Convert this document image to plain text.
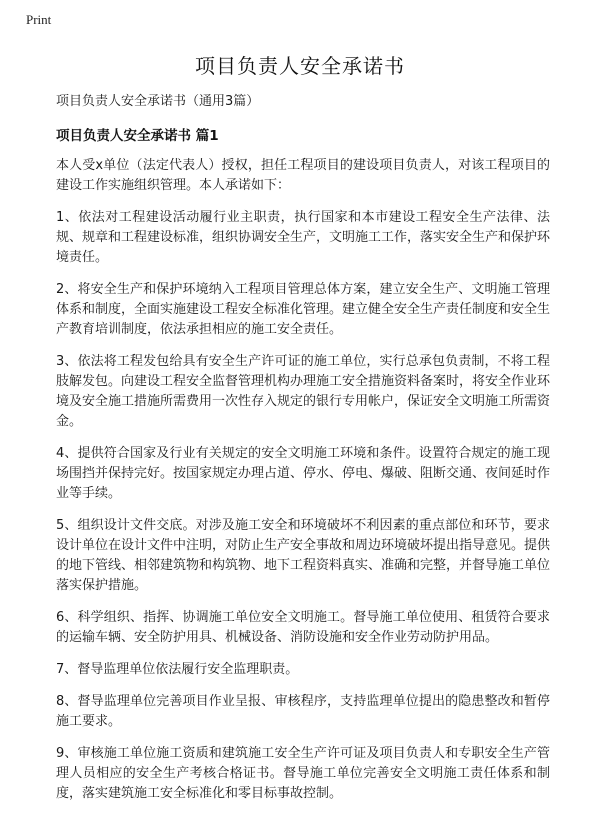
Print
项目负责人安全承诺书

项目负责人安全承诺书（通用3篇）

项目负责人安全承诺书 篇1

本人受x单位（法定代表人）授权，担任工程项目的建设项目负责人，对该工程项目的建设工作实施组织管理。本人承诺如下：

1、依法对工程建设活动履行业主职责，执行国家和本市建设工程安全生产法律、法规、规章和工程建设标准，组织协调安全生产，文明施工工作，落实安全生产和保护环境责任。

2、将安全生产和保护环境纳入工程项目管理总体方案，建立安全生产、文明施工管理体系和制度，全面实施建设工程安全标准化管理。建立健全安全生产责任制度和安全生产教育培训制度，依法承担相应的施工安全责任。

3、依法将工程发包给具有安全生产许可证的施工单位，实行总承包负责制，不将工程肢解发包。向建设工程安全监督管理机构办理施工安全措施资料备案时，将安全作业环境及安全施工措施所需费用一次性存入规定的银行专用帐户，保证安全文明施工所需资金。

4、提供符合国家及行业有关规定的安全文明施工环境和条件。设置符合规定的施工现场围挡并保持完好。按国家规定办理占道、停水、停电、爆破、阻断交通、夜间延时作业等手续。

5、组织设计文件交底。对涉及施工安全和环境破坏不利因素的重点部位和环节，要求设计单位在设计文件中注明，对防止生产安全事故和周边环境破坏提出指导意见。提供的地下管线、相邻建筑物和构筑物、地下工程资料真实、准确和完整，并督导施工单位落实保护措施。

6、科学组织、指挥、协调施工单位安全文明施工。督导施工单位使用、租赁符合要求的运输车辆、安全防护用具、机械设备、消防设施和安全作业劳动防护用品。

7、督导监理单位依法履行安全监理职责。

8、督导监理单位完善项目作业呈报、审核程序，支持监理单位提出的隐患整改和暂停施工要求。

9、审核施工单位施工资质和建筑施工安全生产许可证及项目负责人和专职安全生产管理人员相应的安全生产考核合格证书。督导施工单位完善安全文明施工责任体系和制度，落实建筑施工安全标准化和零目标事故控制。
